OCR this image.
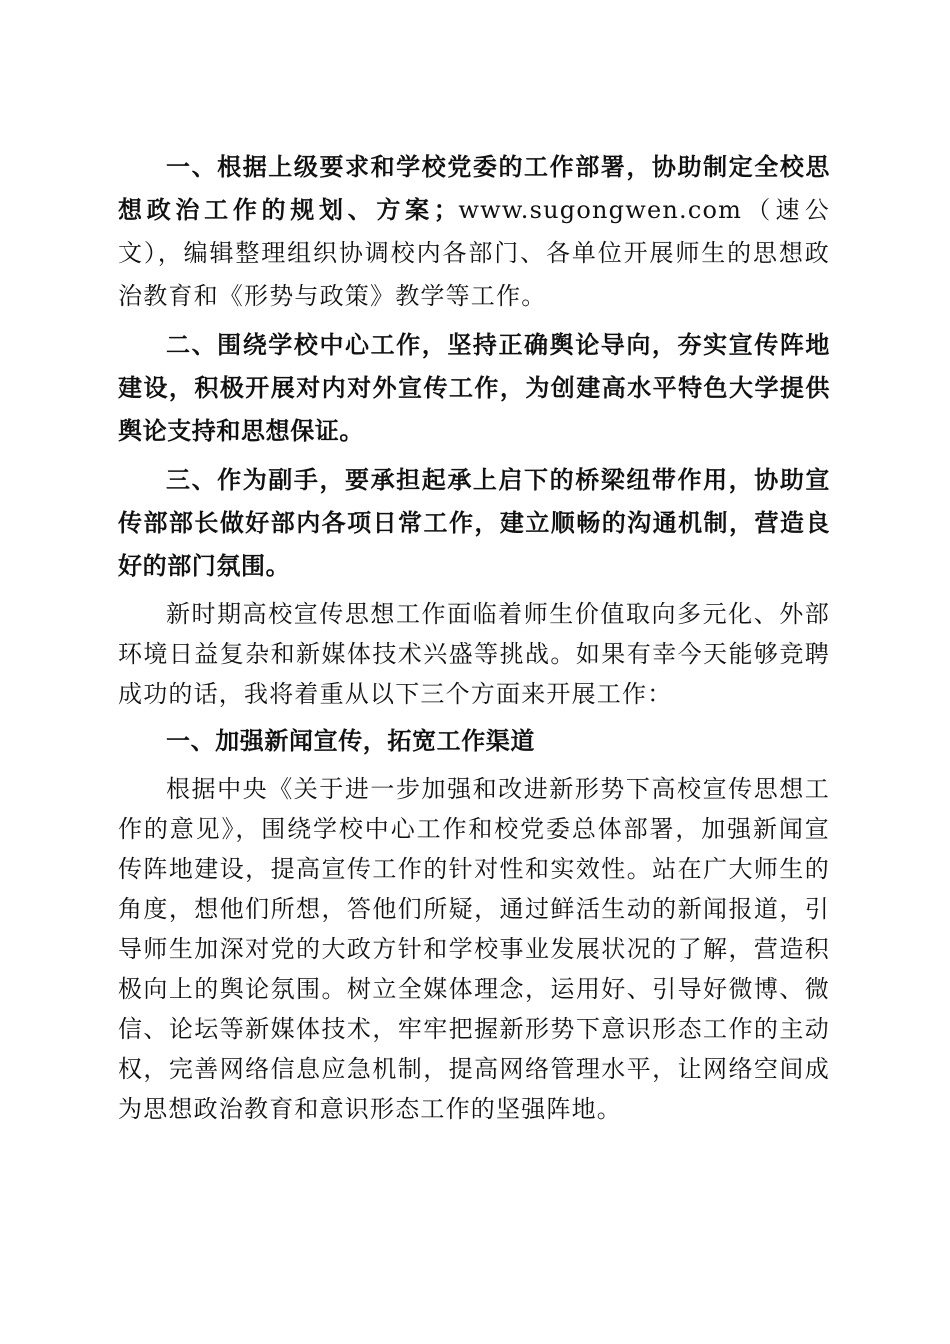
一、根据上级要求和学校党委的工作部署，协助制定全校思想政治工作的规划、方案；www.sugongwen.com（速公文），编辑整理组织协调校内各部门、各单位开展师生的思想政治教育和《形势与政策》教学等工作。

二、围绕学校中心工作，坚持正确舆论导向，夯实宣传阵地建设，积极开展对内对外宣传工作，为创建高水平特色大学提供舆论支持和思想保证。

三、作为副手，要承担起承上启下的桥梁纽带作用，协助宣传部部长做好部内各项日常工作，建立顺畅的沟通机制，营造良好的部门氛围。

新时期高校宣传思想工作面临着师生价值取向多元化、外部环境日益复杂和新媒体技术兴盛等挑战。如果有幸今天能够竞聘成功的话，我将着重从以下三个方面来开展工作：

一、加强新闻宣传，拓宽工作渠道

根据中央《关于进一步加强和改进新形势下高校宣传思想工作的意见》，围绕学校中心工作和校党委总体部署，加强新闻宣传阵地建设，提高宣传工作的针对性和实效性。站在广大师生的角度，想他们所想，答他们所疑，通过鲜活生动的新闻报道，引导师生加深对党的大政方针和学校事业发展状况的了解，营造积极向上的舆论氛围。树立全媒体理念，运用好、引导好微博、微信、论坛等新媒体技术，牢牢把握新形势下意识形态工作的主动权，完善网络信息应急机制，提高网络管理水平，让网络空间成为思想政治教育和意识形态工作的坚强阵地。
